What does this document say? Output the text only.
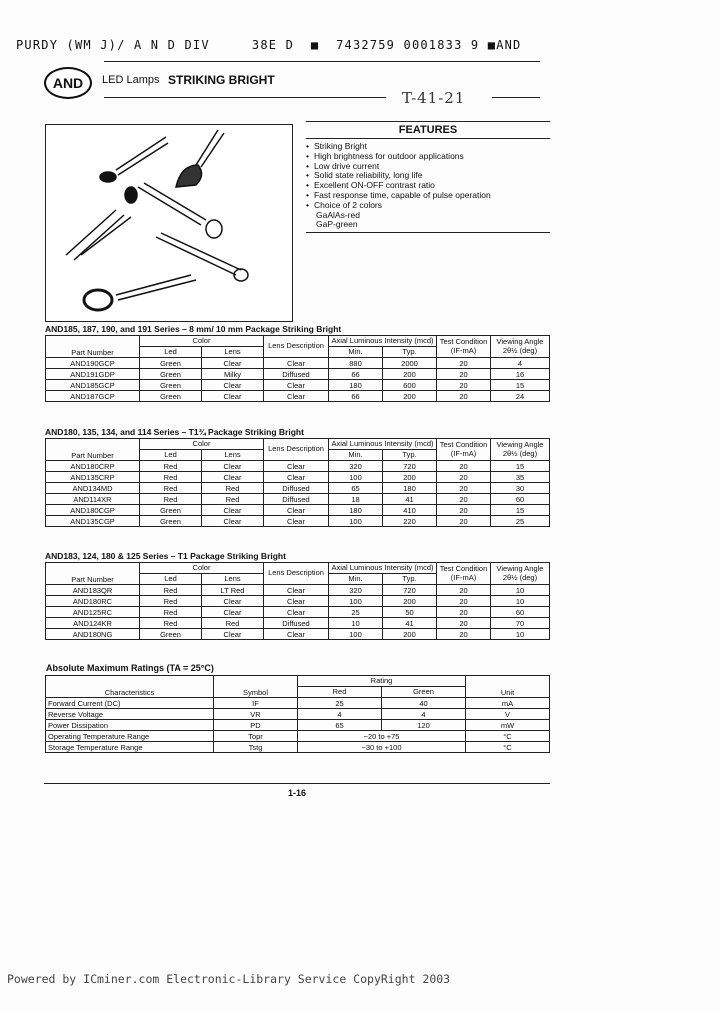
PURDY (WM J)/ A N D DIV     38E D  ■  7432759 0001833 9 ■AND
AND	LED Lamps STRIKING BRIGHT
T-41-21
FEATURES
• Striking Bright
• High brightness for outdoor applications
• Low drive current
• Solid state reliability, long life
• Excellent ON-OFF contrast ratio
• Fast response time, capable of pulse operation
• Choice of 2 colors
GaAlAs-red
GaP-green
AND185, 187, 190, and 191 Series – 8 mm/ 10 mm Package Striking Bright
Part Number	Color		Lens Description	Axial Luminous Intensity (mcd)		Test Condition (IF-mA)	Viewing Angle 2θ½ (deg)
	Led	Lens		Min.	Typ.		
AND190GCP	Green	Clear	Clear	880	2000	20	4
AND191GDP	Green	Milky	Diffused	66	200	20	16
AND185GCP	Green	Clear	Clear	180	600	20	15
AND187GCP	Green	Clear	Clear	66	200	20	24
AND180, 135, 134, and 114 Series – T1¾ Package Striking Bright
Part Number	Color		Lens Description	Axial Luminous Intensity (mcd)		Test Condition (IF-mA)	Viewing Angle 2θ½ (deg)
	Led	Lens		Min.	Typ.		
AND180CRP	Red	Clear	Clear	320	720	20	15
AND135CRP	Red	Clear	Clear	100	200	20	35
AND134MD	Red	Red	Diffused	65	180	20	30
AND114XR	Red	Red	Diffused	18	41	20	60
AND180CGP	Green	Clear	Clear	180	410	20	15
AND135CGP	Green	Clear	Clear	100	220	20	25
AND183, 124, 180 & 125 Series – T1 Package Striking Bright
Part Number	Color		Lens Description	Axial Luminous Intensity (mcd)		Test Condition (IF-mA)	Viewing Angle 2θ½ (deg)
	Led	Lens		Min.	Typ.		
AND183QR	Red	LT Red	Clear	320	720	20	10
AND180RC	Red	Clear	Clear	100	200	20	10
AND125RC	Red	Clear	Clear	25	50	20	60
AND124KR	Red	Red	Diffused	10	41	20	70
AND180NG	Green	Clear	Clear	100	200	20	10
Absolute Maximum Ratings (TA = 25°C)
Characteristics	Symbol	Rating		Unit
		Red	Green	
Forward Current (DC)	IF	25	40	mA
Reverse Voltage	VR	4	4	V
Power Dissipation	PD	65	120	mW
Operating Temperature Range	Topr	−20 to +75		°C
Storage Temperature Range	Tstg	−30 to +100		°C
1-16
Powered by ICminer.com Electronic-Library Service CopyRight 2003
